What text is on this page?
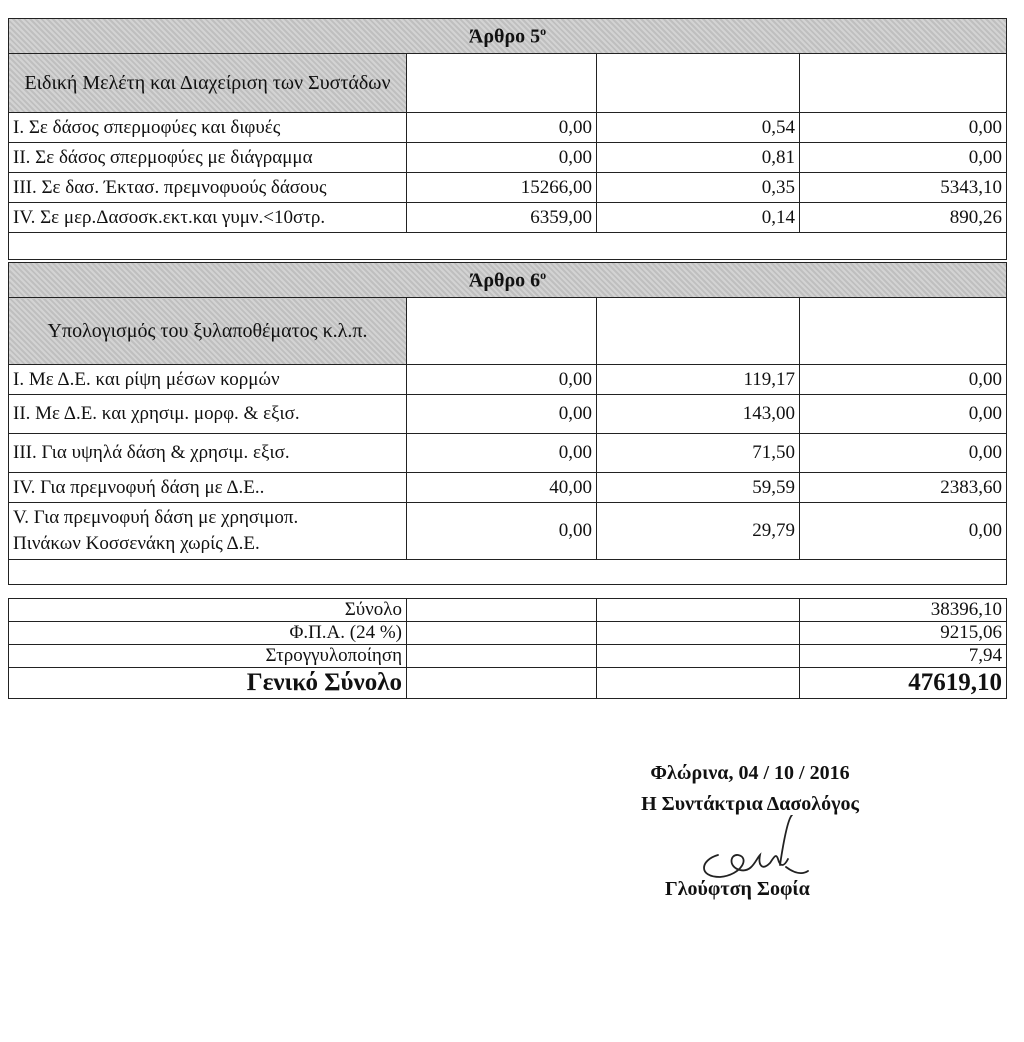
Άρθρο $5^o$
Ειδική Μελέτη και Διαχείριση των Συστάδων			
Ι. Σε δάσος σπερμοφύες και διφυές	0,00	0,54	0,00
ΙΙ. Σε δάσος σπερμοφύες με διάγραμμα	0,00	0,81	0,00
ΙΙΙ. Σε δασ. Έκτασ. πρεμνοφυούς δάσους	15266,00	0,35	5343,10
ΙV. Σε μερ.Δασοσκ.εκτ.και γυμν.<10στρ.	6359,00	0,14	890,26

Άρθρο $6^o$
Υπολογισμός του ξυλαποθέματος κ.λ.π.			
Ι. Με Δ.Ε. και ρίψη μέσων κορμών	0,00	119,17	0,00
ΙΙ. Με Δ.Ε. και χρησιμ. μορφ. & εξισ.	0,00	143,00	0,00
ΙΙΙ. Για υψηλά δάση & χρησιμ. εξισ.	0,00	71,50	0,00
ΙV. Για πρεμνοφυή δάση με Δ.Ε..	40,00	59,59	2383,60
V. Για πρεμνοφυή δάση με χρησιμοπ.
Πινάκων Κοσσενάκη χωρίς Δ.Ε.	0,00	29,79	0,00

Σύνολο			38396,10
Φ.Π.Α. (24 %)			9215,06
Στρογγυλοποίηση			7,94
Γενικό Σύνολο			47619,10
Φλώρινα, 04 / 10 / 2016
Η Συντάκτρια Δασολόγος
Γλούφτση Σοφία
